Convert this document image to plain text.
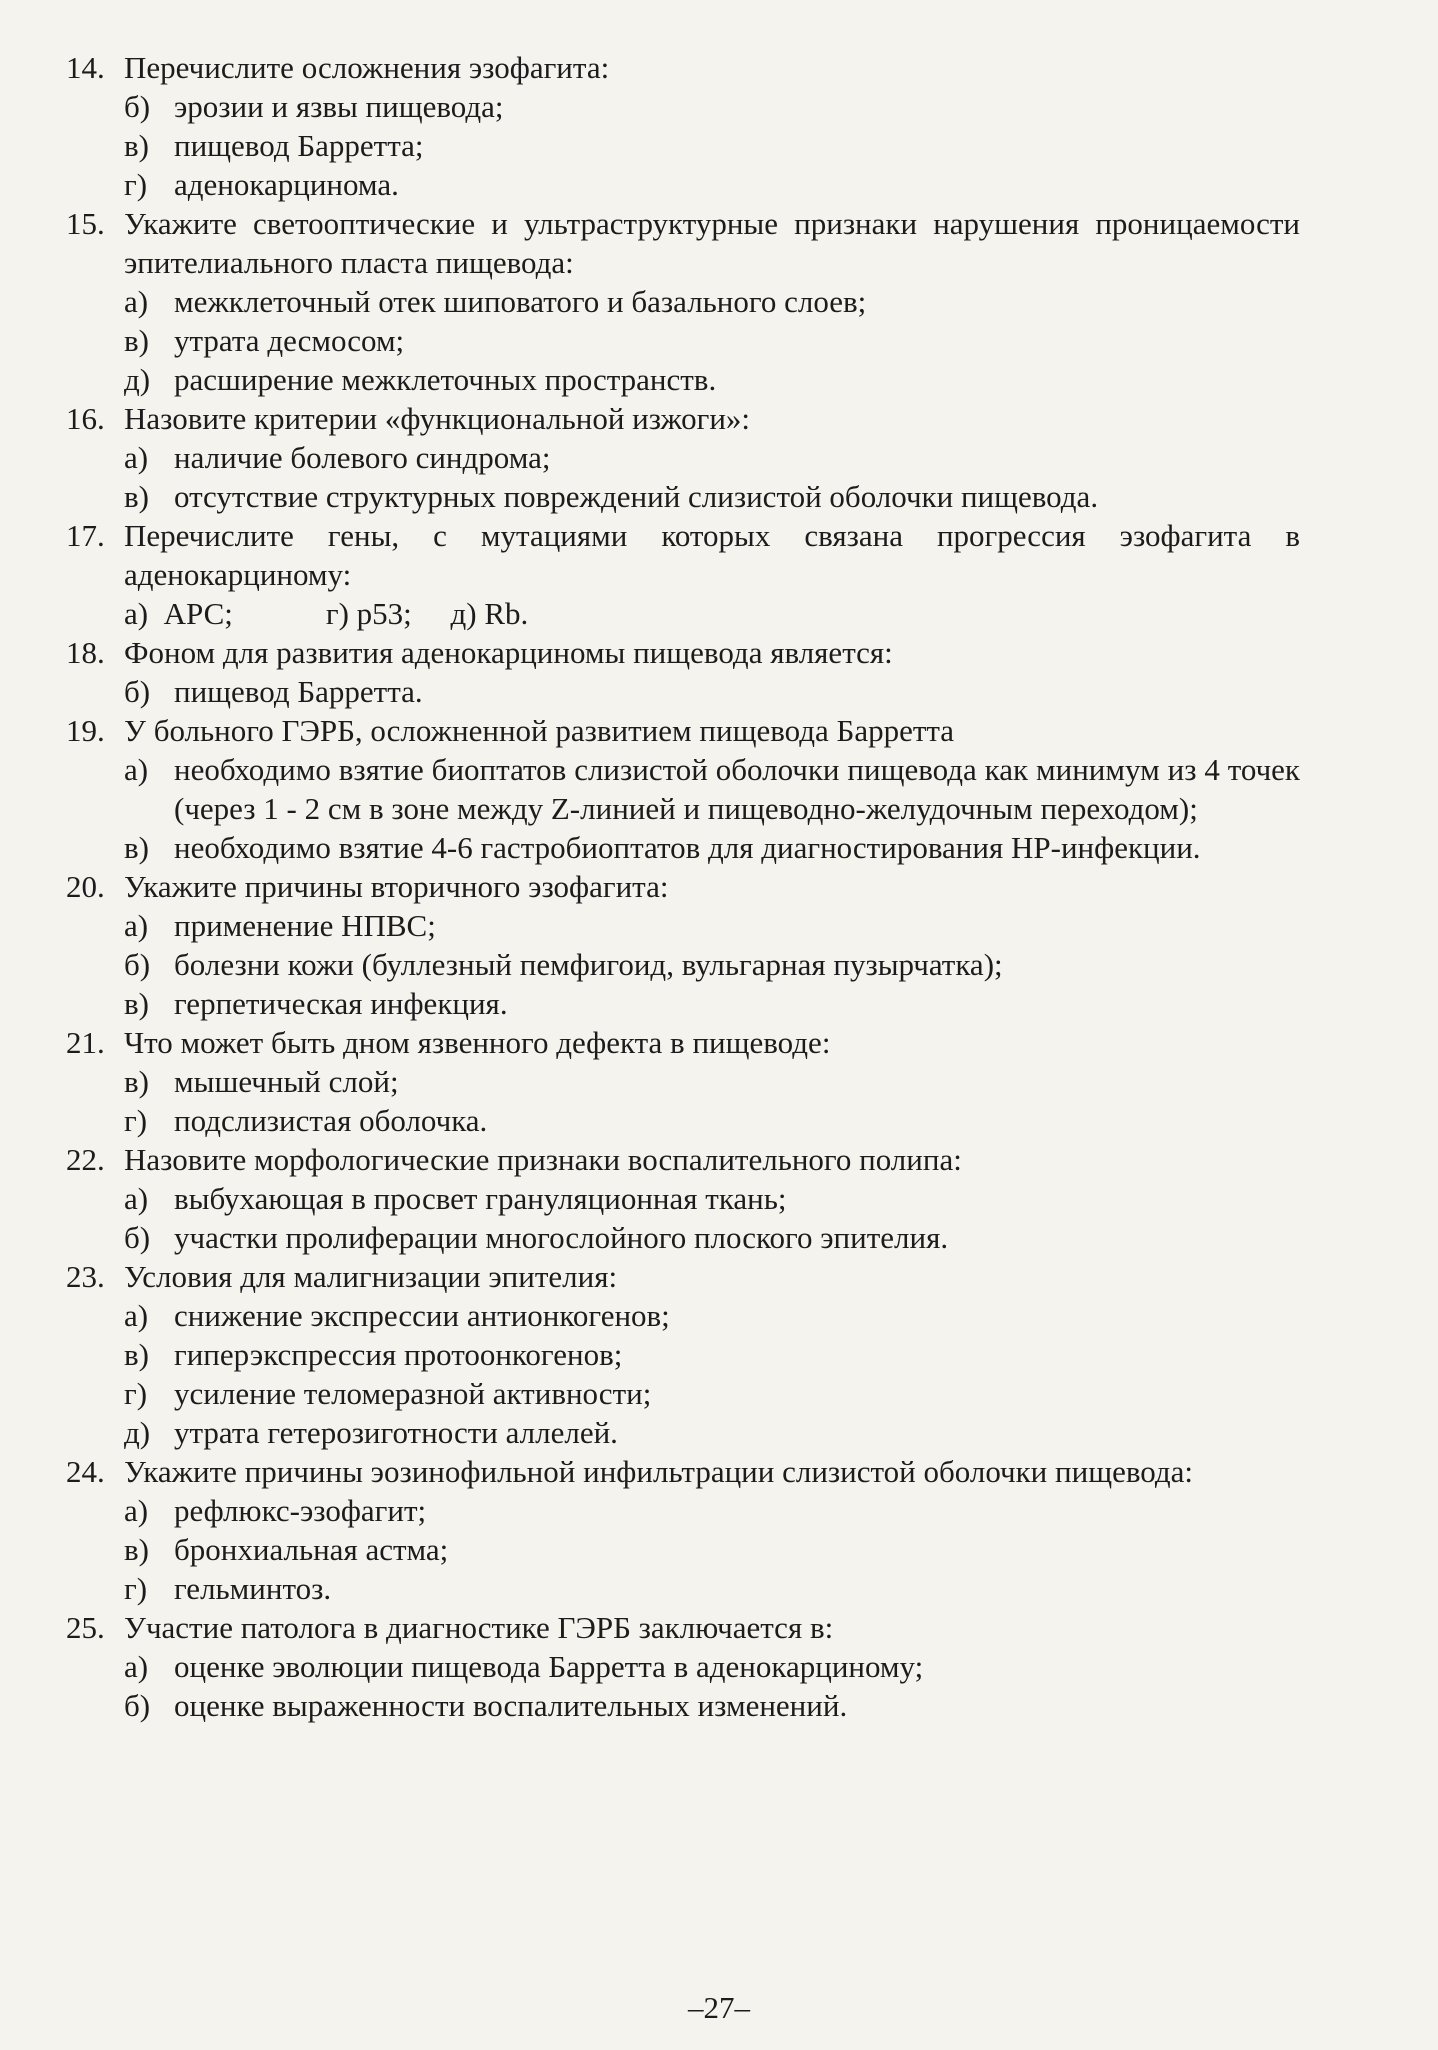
14. Перечислите осложнения эзофагита:
б) эрозии и язвы пищевода;
в) пищевод Барретта;
г) аденокарцинома.
15. Укажите светооптические и ультраструктурные признаки нарушения проницаемости эпителиального пласта пищевода:
а) межклеточный отек шиповатого и базального слоев;
в) утрата десмосом;
д) расширение межклеточных пространств.
16. Назовите критерии «функциональной изжоги»:
а) наличие болевого синдрома;
в) отсутствие структурных повреждений слизистой оболочки пищевода.
17. Перечислите гены, с мутациями которых связана прогрессия эзофагита в аденокарциному:
а)  АРС;            г) р53;     д) Rb.
18. Фоном для развития аденокарциномы пищевода является:
б) пищевод Барретта.
19. У больного ГЭРБ, осложненной развитием пищевода Барретта
а) необходимо взятие биоптатов слизистой оболочки пищевода как минимум из 4 точек (через 1 - 2 см в зоне между Z-линией и пищеводно-желудочным переходом);
в) необходимо взятие 4-6 гастробиоптатов для диагностирования НР-инфекции.
20. Укажите причины вторичного эзофагита:
а) применение НПВС;
б) болезни кожи (буллезный пемфигоид, вульгарная пузырчатка);
в) герпетическая инфекция.
21. Что может быть дном язвенного дефекта в пищеводе:
в) мышечный слой;
г) подслизистая оболочка.
22. Назовите морфологические признаки воспалительного полипа:
а) выбухающая в просвет грануляционная ткань;
б) участки пролиферации многослойного плоского эпителия.
23. Условия для малигнизации эпителия:
а) снижение экспрессии антионкогенов;
в) гиперэкспрессия протоонкогенов;
г) усиление теломеразной активности;
д) утрата гетерозиготности аллелей.
24. Укажите причины эозинофильной инфильтрации слизистой оболочки пищевода:
а) рефлюкс-эзофагит;
в) бронхиальная астма;
г) гельминтоз.
25. Участие патолога в диагностике ГЭРБ заключается в:
а) оценке эволюции пищевода Барретта в аденокарциному;
б) оценке выраженности воспалительных изменений.
–27–
